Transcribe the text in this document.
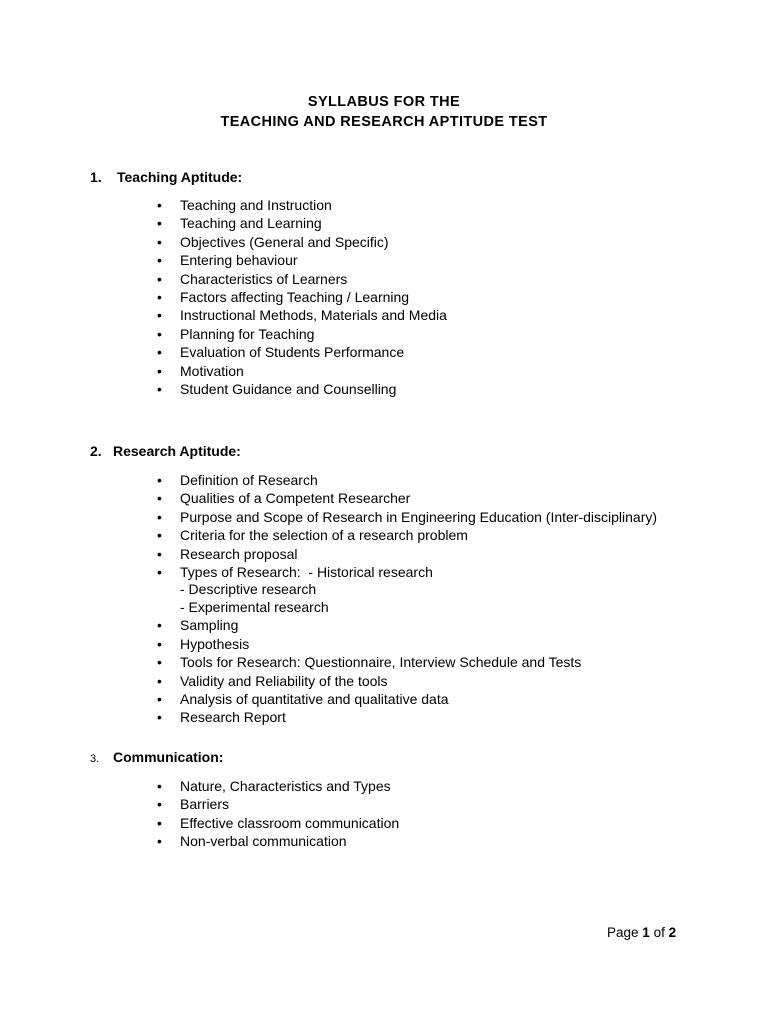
SYLLABUS FOR THE
TEACHING AND RESEARCH APTITUDE TEST
1. Teaching Aptitude:
• Teaching and Instruction
• Teaching and Learning
• Objectives (General and Specific)
• Entering behaviour
• Characteristics of Learners
• Factors affecting Teaching / Learning
• Instructional Methods, Materials and Media
• Planning for Teaching
• Evaluation of Students Performance
• Motivation
• Student Guidance and Counselling
2. Research Aptitude:
• Definition of Research
• Qualities of a Competent Researcher
• Purpose and Scope of Research in Engineering Education (Inter-disciplinary)
• Criteria for the selection of a research problem
• Research proposal
• Types of Research:  - Historical research
- Descriptive research
- Experimental research
• Sampling
• Hypothesis
• Tools for Research: Questionnaire, Interview Schedule and Tests
• Validity and Reliability of the tools
• Analysis of quantitative and qualitative data
• Research Report
3. Communication:
• Nature, Characteristics and Types
• Barriers
• Effective classroom communication
• Non-verbal communication
Page 1 of 2
